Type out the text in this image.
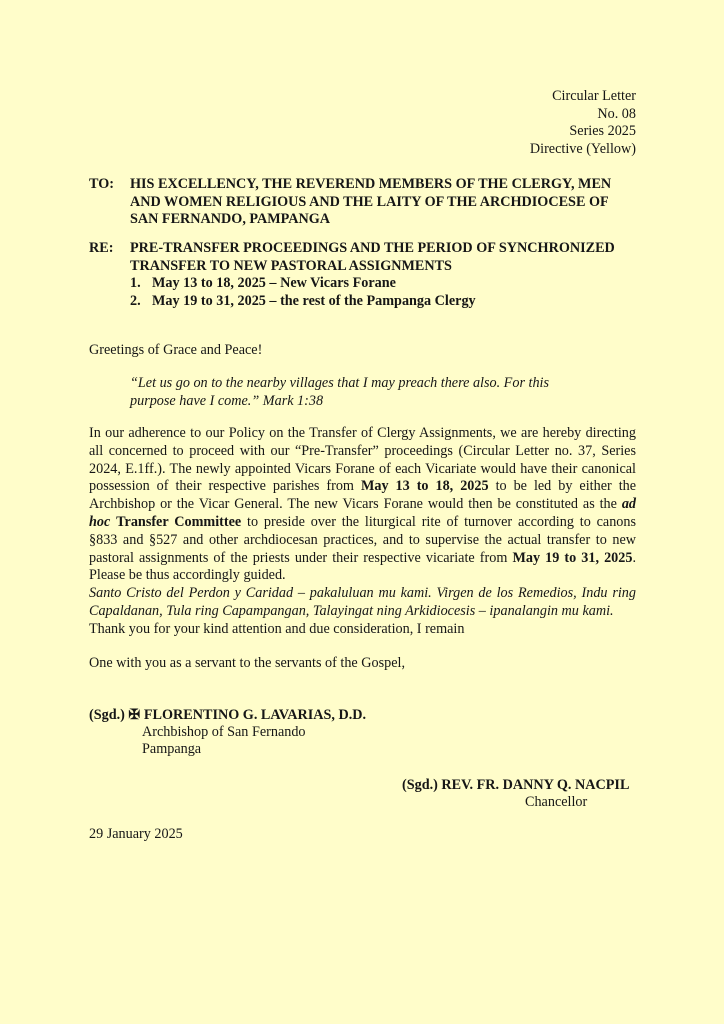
Circular Letter
No. 08
Series 2025
Directive (Yellow)
TO: HIS EXCELLENCY, THE REVEREND MEMBERS OF THE CLERGY, MEN
AND WOMEN RELIGIOUS AND THE LAITY OF THE ARCHDIOCESE OF
SAN FERNANDO, PAMPANGA
RE: PRE-TRANSFER PROCEEDINGS AND THE PERIOD OF SYNCHRONIZED
TRANSFER TO NEW PASTORAL ASSIGNMENTS
1. May 13 to 18, 2025 – New Vicars Forane
2. May 19 to 31, 2025 – the rest of the Pampanga Clergy
Greetings of Grace and Peace!
“Let us go on to the nearby villages that I may preach there also. For this
purpose have I come.” Mark 1:38
In our adherence to our Policy on the Transfer of Clergy Assignments, we are hereby directing
all concerned to proceed with our “Pre-Transfer” proceedings (Circular Letter no. 37, Series
2024, E.1ff.). The newly appointed Vicars Forane of each Vicariate would have their canonical
possession of their respective parishes from May 13 to 18, 2025 to be led by either the
Archbishop or the Vicar General. The new Vicars Forane would then be constituted as the ad
hoc Transfer Committee to preside over the liturgical rite of turnover according to canons
§833 and §527 and other archdiocesan practices, and to supervise the actual transfer to new
pastoral assignments of the priests under their respective vicariate from May 19 to 31, 2025.
Please be thus accordingly guided.
Santo Cristo del Perdon y Caridad – pakaluluan mu kami. Virgen de los Remedios, Indu ring
Capaldanan, Tula ring Capampangan, Talayingat ning Arkidiocesis – ipanalangin mu kami.
Thank you for your kind attention and due consideration, I remain
One with you as a servant to the servants of the Gospel,
(Sgd.) ✠ FLORENTINO G. LAVARIAS, D.D.
Archbishop of San Fernando
Pampanga
(Sgd.) REV. FR. DANNY Q. NACPIL
Chancellor
29 January 2025
